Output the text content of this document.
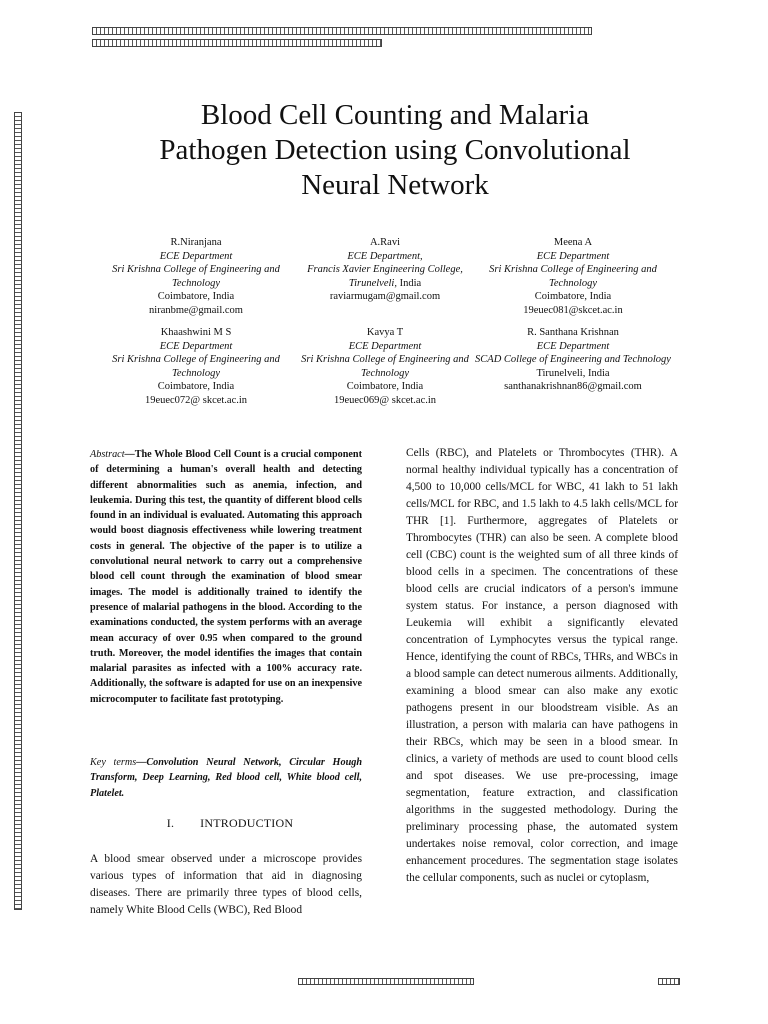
Blood Cell Counting and Malaria
Pathogen Detection using Convolutional
Neural Network
R.Niranjana
ECE Department
Sri Krishna College of Engineering and Technology
Coimbatore, India
niranbme@gmail.com
A.Ravi
ECE Department,
Francis Xavier Engineering College,
Tirunelveli, India
raviarmugam@gmail.com
Meena A
ECE Department
Sri Krishna College of Engineering and Technology
Coimbatore, India
19euec081@skcet.ac.in
Khaashwini M S
ECE Department
Sri Krishna College of Engineering and Technology
Coimbatore, India
19euec072@ skcet.ac.in
Kavya T
ECE Department
Sri Krishna College of Engineering and Technology
Coimbatore, India
19euec069@ skcet.ac.in
R. Santhana Krishnan
ECE Department
SCAD College of Engineering and Technology
Tirunelveli, India
santhanakrishnan86@gmail.com
Abstract—The Whole Blood Cell Count is a crucial component of determining a human's overall health and detecting different abnormalities such as anemia, infection, and leukemia. During this test, the quantity of different blood cells found in an individual is evaluated. Automating this approach would boost diagnosis effectiveness while lowering treatment costs in general. The objective of the paper is to utilize a convolutional neural network to carry out a comprehensive blood cell count through the examination of blood smear images. The model is additionally trained to identify the presence of malarial pathogens in the blood. According to the examinations conducted, the system performs with an average mean accuracy of over 0.95 when compared to the ground truth. Moreover, the model identifies the images that contain malarial parasites as infected with a 100% accuracy rate. Additionally, the software is adapted for use on an inexpensive microcomputer to facilitate fast prototyping.
Key terms—Convolution Neural Network, Circular Hough Transform, Deep Learning, Red blood cell, White blood cell, Platelet.
I. INTRODUCTION
A blood smear observed under a microscope provides various types of information that aid in diagnosing diseases. There are primarily three types of blood cells, namely White Blood Cells (WBC), Red Blood
Cells (RBC), and Platelets or Thrombocytes (THR). A normal healthy individual typically has a concentration of 4,500 to 10,000 cells/MCL for WBC, 41 lakh to 51 lakh cells/MCL for RBC, and 1.5 lakh to 4.5 lakh cells/MCL for THR [1]. Furthermore, aggregates of Platelets or Thrombocytes (THR) can also be seen. A complete blood cell (CBC) count is the weighted sum of all three kinds of blood cells in a specimen. The concentrations of these blood cells are crucial indicators of a person's immune system status. For instance, a person diagnosed with Leukemia will exhibit a significantly elevated concentration of Lymphocytes versus the typical range. Hence, identifying the count of RBCs, THRs, and WBCs in a blood sample can detect numerous ailments. Additionally, examining a blood smear can also make any exotic pathogens present in our bloodstream visible. As an illustration, a person with malaria can have pathogens in their RBCs, which may be seen in a blood smear. In clinics, a variety of methods are used to count blood cells and spot diseases. We use pre-processing, image segmentation, feature extraction, and classification algorithms in the suggested methodology. During the preliminary processing phase, the automated system undertakes noise removal, color correction, and image enhancement procedures. The segmentation stage isolates the cellular components, such as nuclei or cytoplasm,
